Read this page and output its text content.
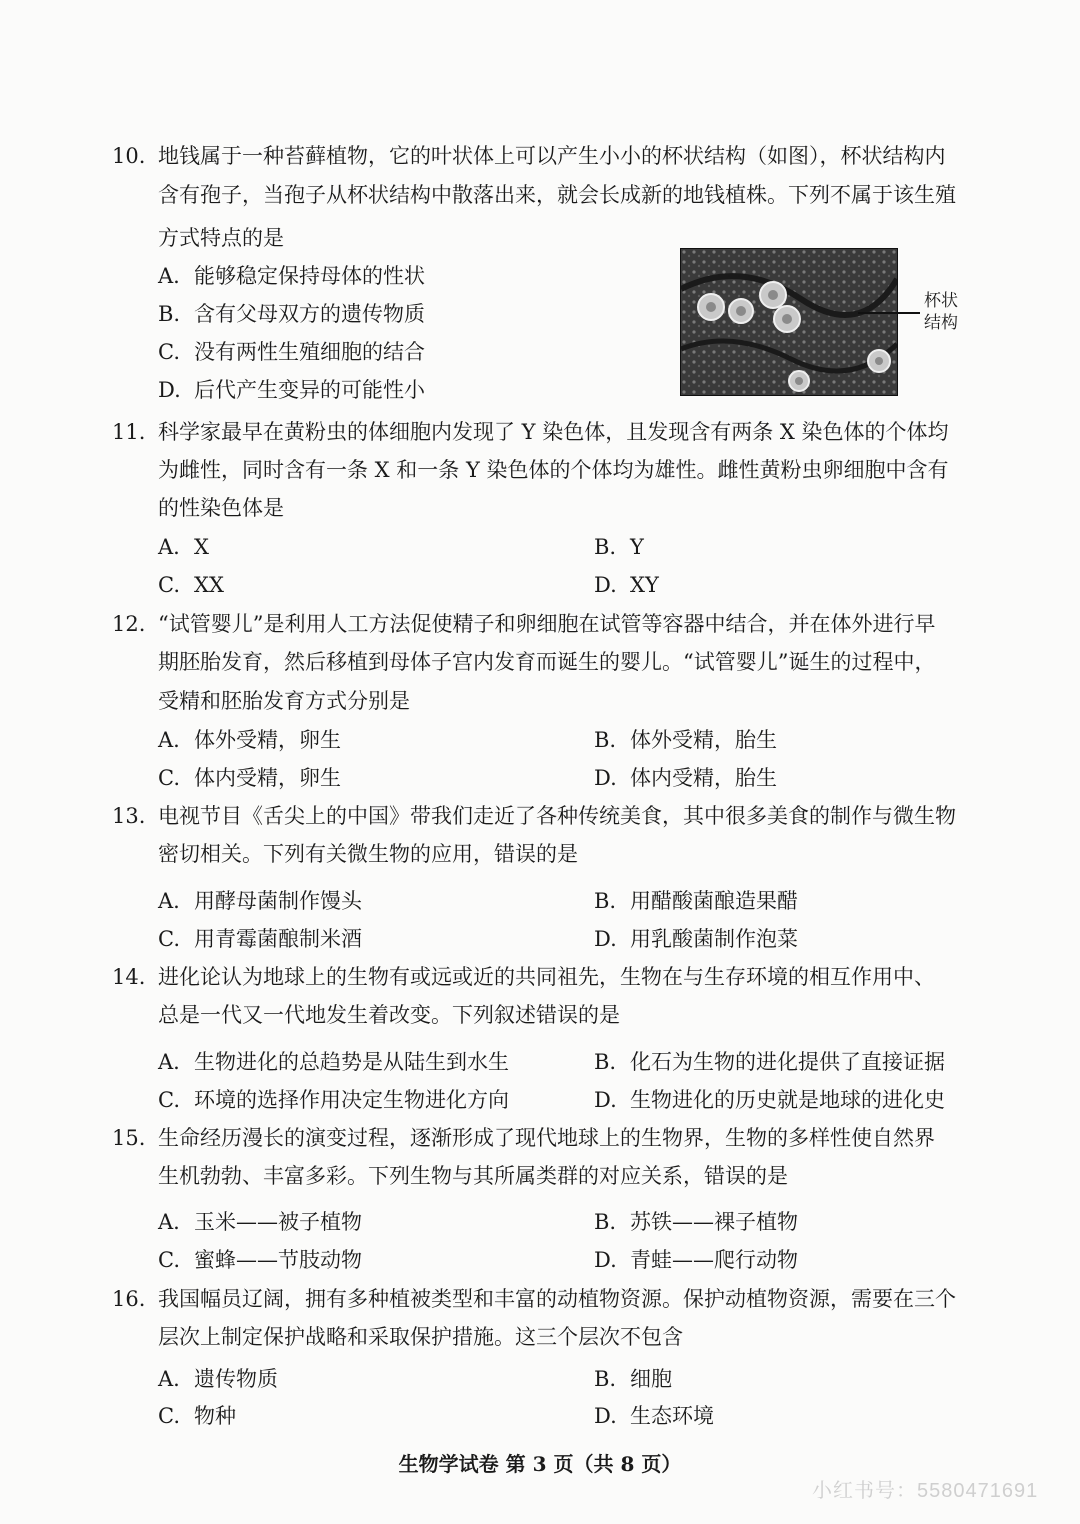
10. 地钱属于一种苔藓植物，它的叶状体上可以产生小小的杯状结构（如图），杯状结构内
含有孢子，当孢子从杯状结构中散落出来，就会长成新的地钱植株。下列不属于该生殖
方式特点的是
A. 能够稳定保持母体的性状
B. 含有父母双方的遗传物质
C. 没有两性生殖细胞的结合
D. 后代产生变异的可能性小
杯状
结构
11. 科学家最早在黄粉虫的体细胞内发现了 Y 染色体，且发现含有两条 X 染色体的个体均
为雌性，同时含有一条 X 和一条 Y 染色体的个体均为雄性。雌性黄粉虫卵细胞中含有
的性染色体是
A. X	B. Y
C. XX	D. XY
12. “试管婴儿”是利用人工方法促使精子和卵细胞在试管等容器中结合，并在体外进行早
期胚胎发育，然后移植到母体子宫内发育而诞生的婴儿。“试管婴儿”诞生的过程中，
受精和胚胎发育方式分别是
A. 体外受精，卵生	B. 体外受精，胎生
C. 体内受精，卵生	D. 体内受精，胎生
13. 电视节目《舌尖上的中国》带我们走近了各种传统美食，其中很多美食的制作与微生物
密切相关。下列有关微生物的应用，错误的是
A. 用酵母菌制作馒头	B. 用醋酸菌酿造果醋
C. 用青霉菌酿制米酒	D. 用乳酸菌制作泡菜
14. 进化论认为地球上的生物有或远或近的共同祖先，生物在与生存环境的相互作用中、
总是一代又一代地发生着改变。下列叙述错误的是
A. 生物进化的总趋势是从陆生到水生	B. 化石为生物的进化提供了直接证据
C. 环境的选择作用决定生物进化方向	D. 生物进化的历史就是地球的进化史
15. 生命经历漫长的演变过程，逐渐形成了现代地球上的生物界，生物的多样性使自然界
生机勃勃、丰富多彩。下列生物与其所属类群的对应关系，错误的是
A. 玉米——被子植物	B. 苏铁——裸子植物
C. 蜜蜂——节肢动物	D. 青蛙——爬行动物
16. 我国幅员辽阔，拥有多种植被类型和丰富的动植物资源。保护动植物资源，需要在三个
层次上制定保护战略和采取保护措施。这三个层次不包含
A. 遗传物质	B. 细胞
C. 物种	D. 生态环境
生物学试卷 第 3 页（共 8 页）
小红书号：5580471691
